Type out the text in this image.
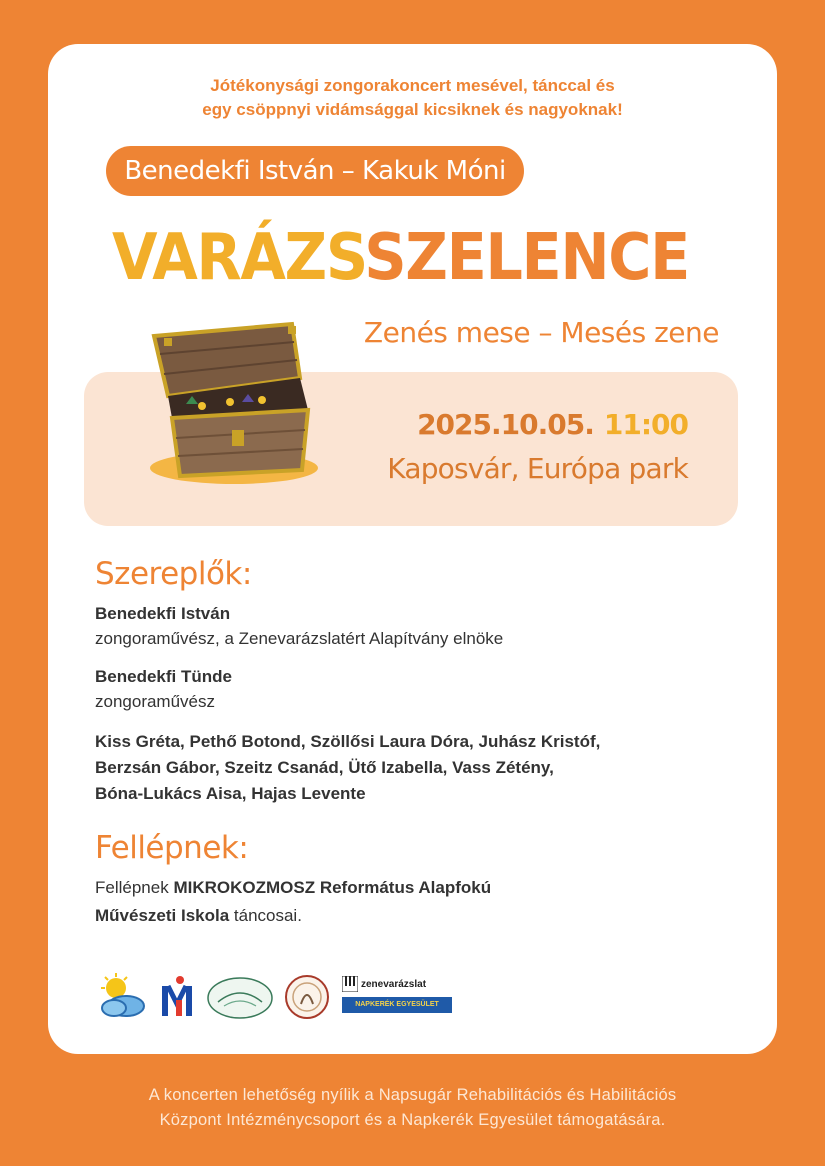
Jótékonysági zongorakoncert mesével, tánccal és
egy csöppnyi vidámsággal kicsiknek és nagyoknak!
Benedekfi István – Kakuk Móni
VARÁZSSZELENCE
Zenés mese – Mesés zene
2025.10.05. 11:00
Kaposvár, Európa park
Szereplők:
Benedekfi István
zongoraművész, a Zenevarázslatért Alapítvány elnöke
Benedekfi Tünde
zongoraművész
Kiss Gréta, Pethő Botond, Szöllősi Laura Dóra, Juhász Kristóf,
Berzsán Gábor, Szeitz Csanád, Ütő Izabella, Vass Zétény,
Bóna-Lukács Aisa, Hajas Levente
Fellépnek:
Fellépnek MIKROKOZMOSZ Református Alapfokú
Művészeti Iskola táncosai.
zenevarázslat
NAPKERÉK EGYESÜLET
A koncerten lehetőség nyílik a Napsugár Rehabilitációs és Habilitációs
Központ Intézménycsoport és a Napkerék Egyesület támogatására.
